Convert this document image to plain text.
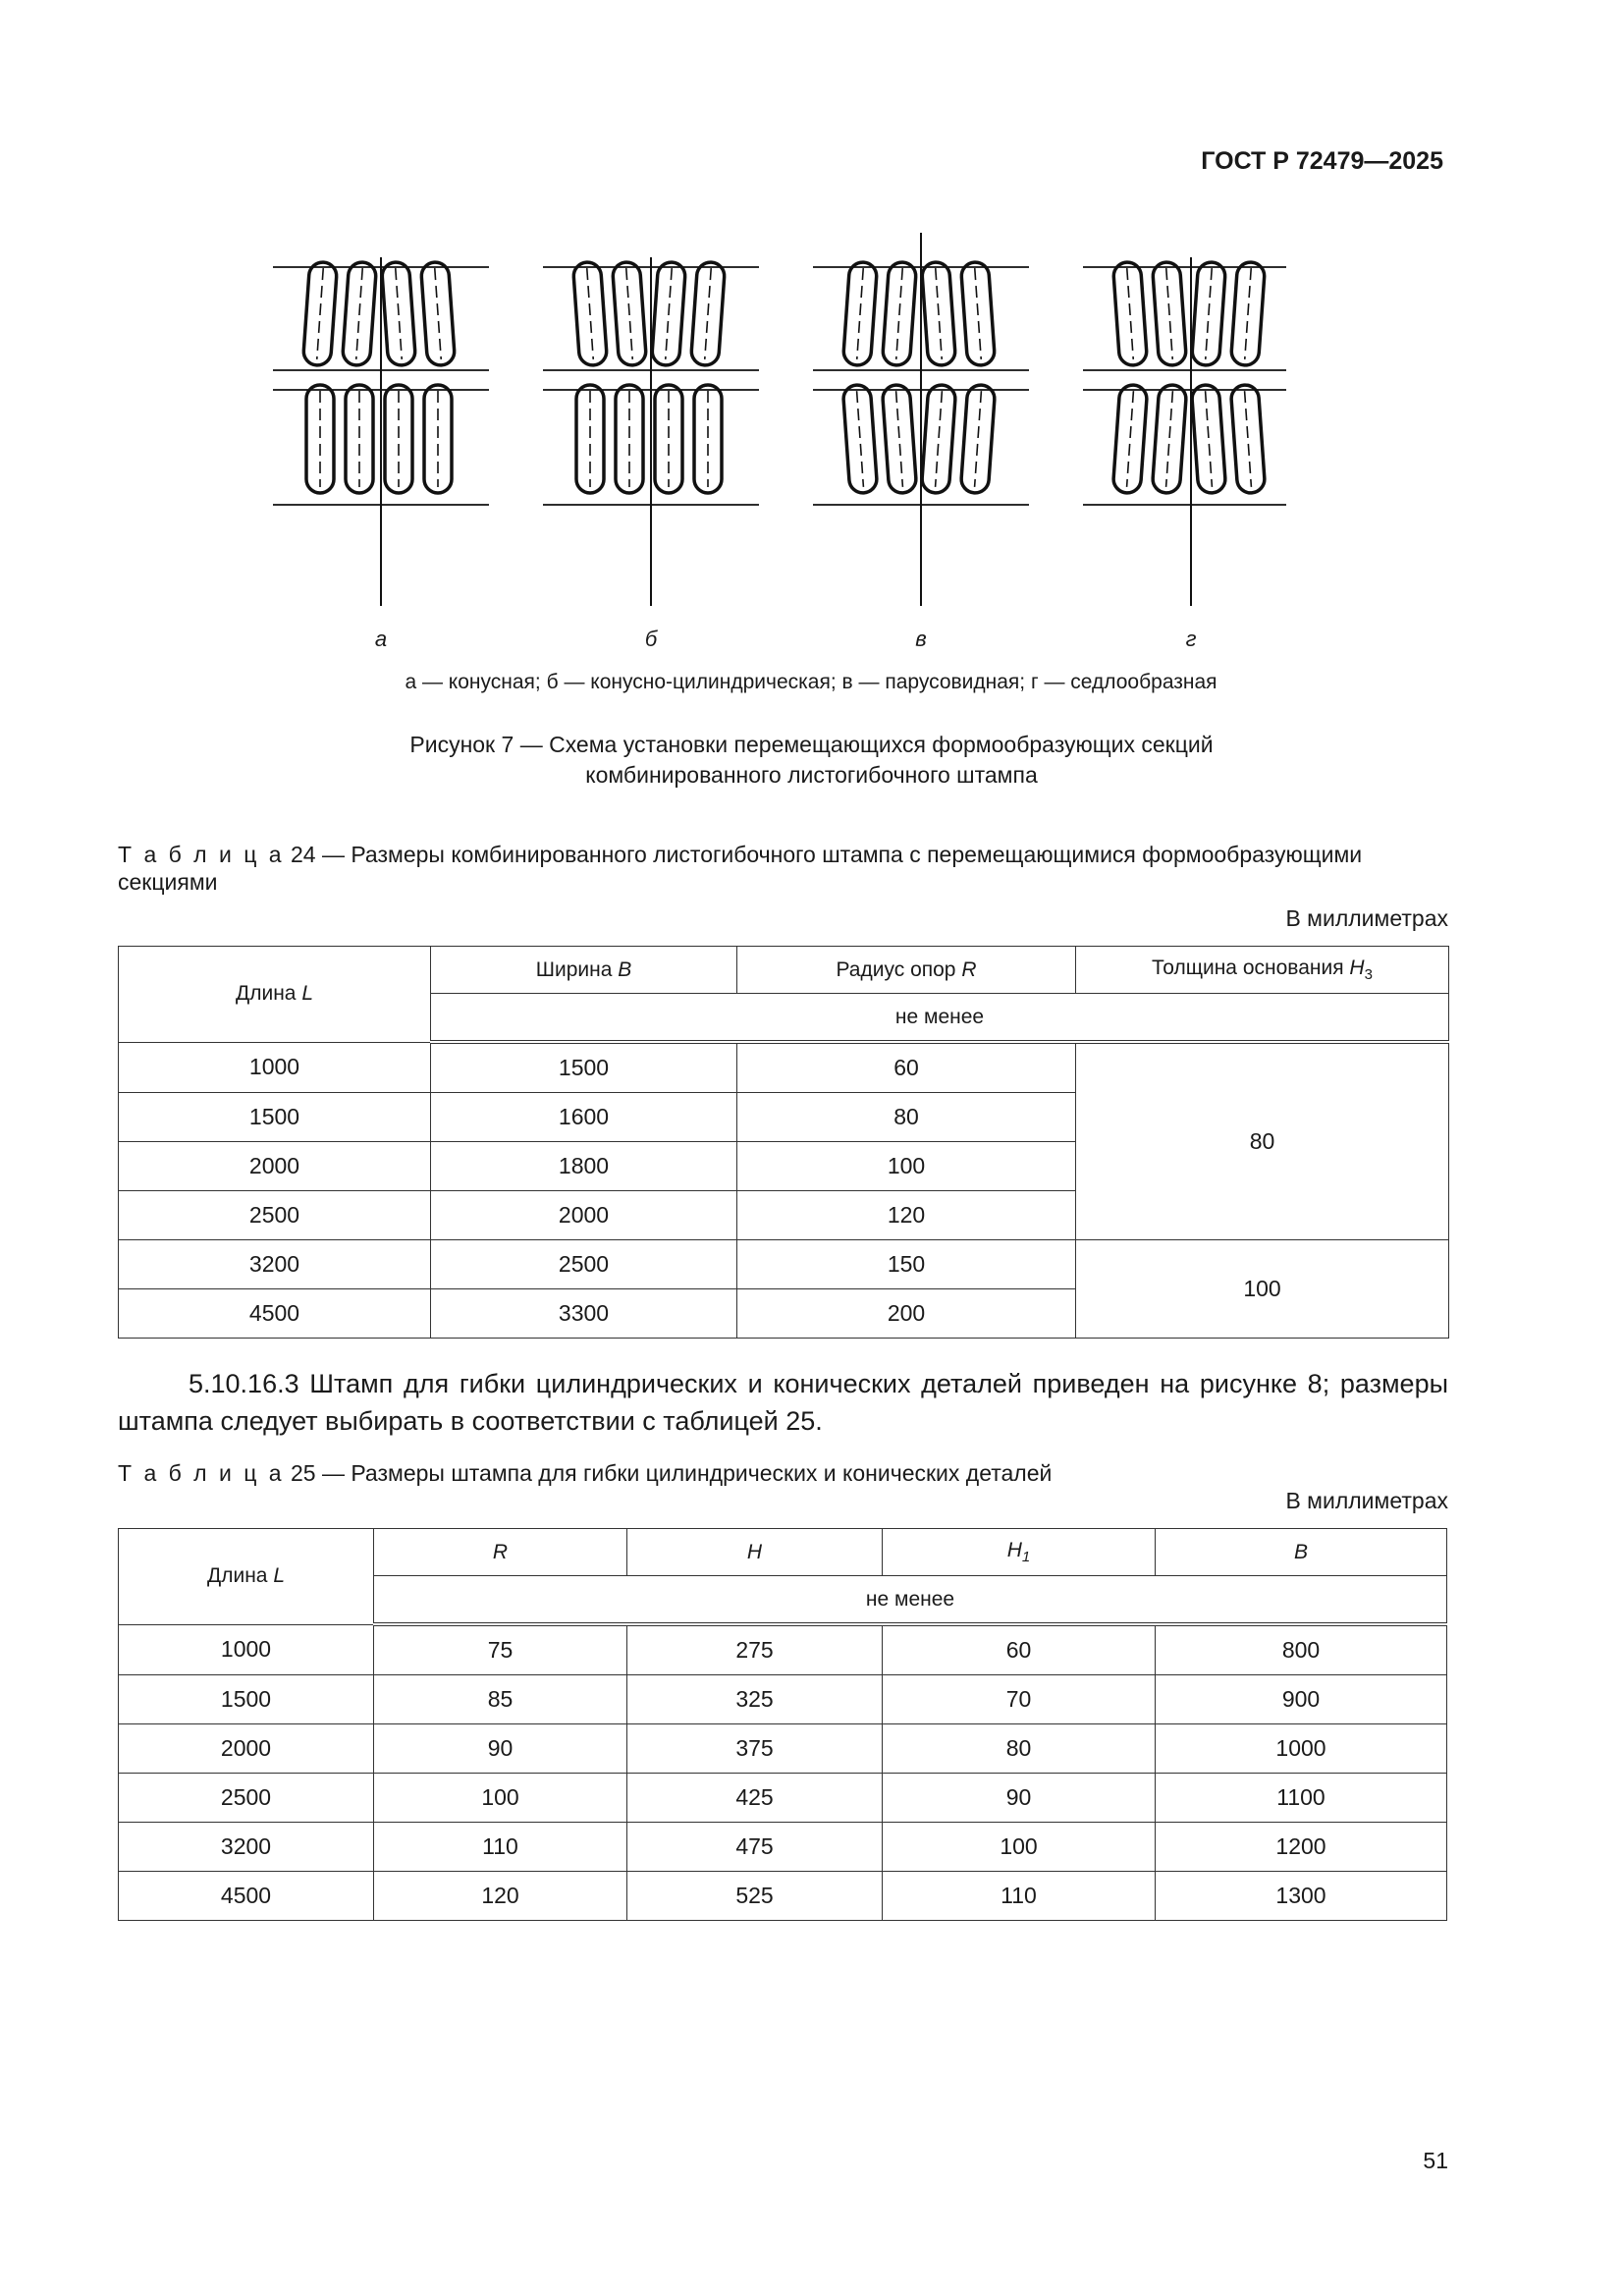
ГОСТ Р 72479—2025
а	б	в	г
а — конусная; б — конусно-цилиндрическая; в — парусовидная; г — седлообразная
Рисунок 7 — Схема установки перемещающихся формообразующих секций
комбинированного листогибочного штампа
Т а б л и ц а 24 — Размеры комбинированного листогибочного штампа с перемещающимися формообразующими секциями
В миллиметрах
Длина L	Ширина B	Радиус опор R	Толщина основания $H_3$
	не менее		
1000	1500	60	80
1500	1600	80	
2000	1800	100	
2500	2000	120	
3200	2500	150	100
4500	3300	200	
5.10.16.3 Штамп для гибки цилиндрических и конических деталей приведен на рисунке 8; размеры штампа следует выбирать в соответствии с таблицей 25.
Т а б л и ц а 25 — Размеры штампа для гибки цилиндрических и конических деталей
В миллиметрах
Длина L	R	H	$H_1$	B
	не менее			
1000	75	275	60	800
1500	85	325	70	900
2000	90	375	80	1000
2500	100	425	90	1100
3200	110	475	100	1200
4500	120	525	110	1300
51
